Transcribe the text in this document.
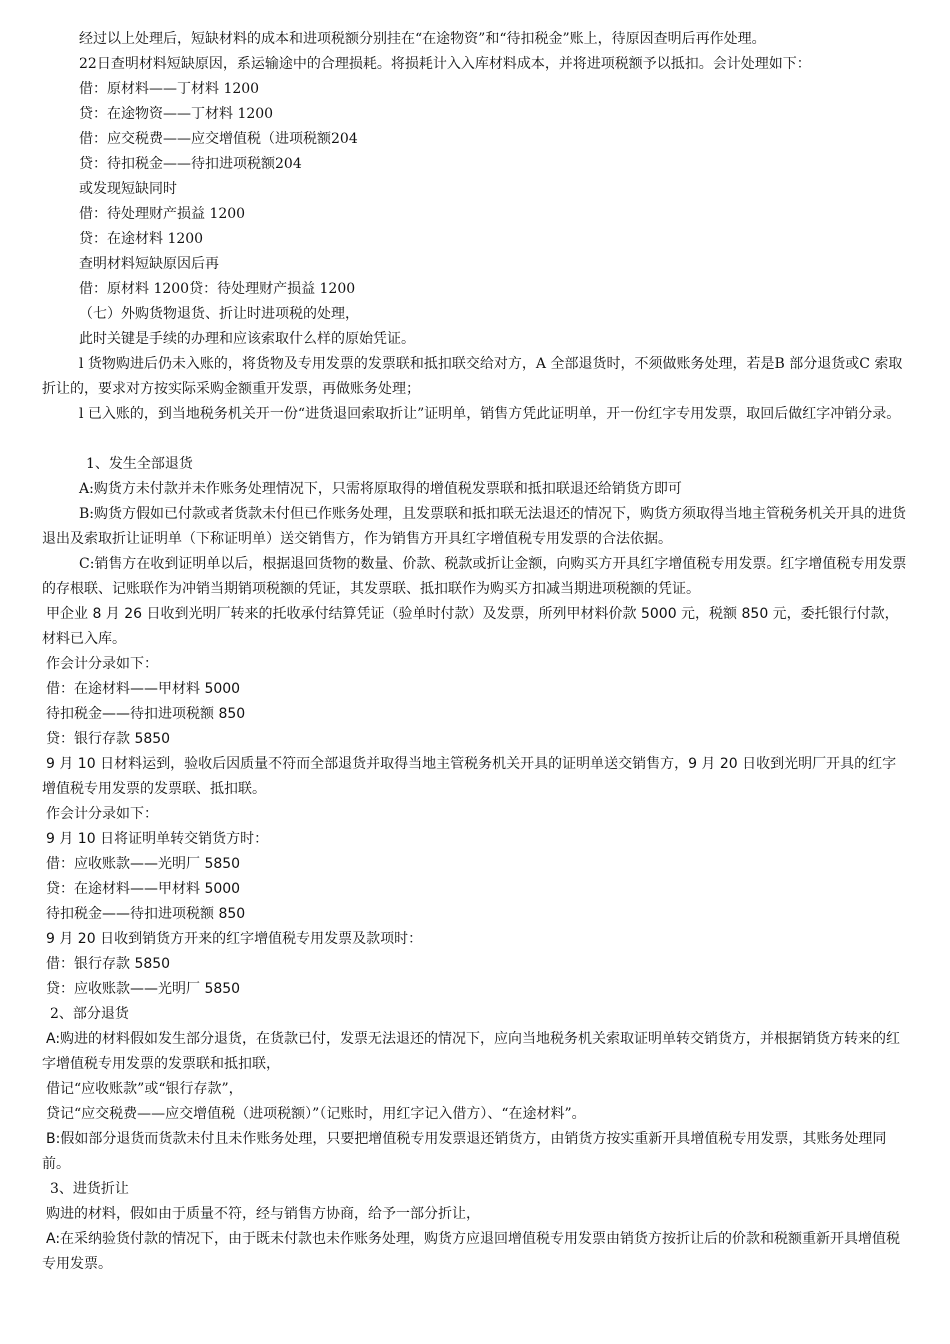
经过以上处理后，短缺材料的成本和进项税额分别挂在“在途物资”和“待扣税金”账上，待原因查明后再作处理。
22日查明材料短缺原因，系运输途中的合理损耗。将损耗计入入库材料成本，并将进项税额予以抵扣。会计处理如下：
借：原材料——丁材料 1200
贷：在途物资——丁材料 1200
借：应交税费——应交增值税（进项税额204
贷：待扣税金——待扣进项税额204
或发现短缺同时
借：待处理财产损益 1200
贷：在途材料 1200
查明材料短缺原因后再
借：原材料 1200贷：待处理财产损益 1200
（七）外购货物退货、折让时进项税的处理，
此时关键是手续的办理和应该索取什么样的原始凭证。
l 货物购进后仍未入账的，将货物及专用发票的发票联和抵扣联交给对方，A 全部退货时，不须做账务处理，若是B 部分退货或C 索取折让的，要求对方按实际采购金额重开发票，再做账务处理；
l 已入账的，到当地税务机关开一份“进货退回索取折让”证明单，销售方凭此证明单，开一份红字专用发票，取回后做红字冲销分录。
1、发生全部退货
A:购货方未付款并未作账务处理情况下，只需将原取得的增值税发票联和抵扣联退还给销货方即可
B:购货方假如已付款或者货款未付但已作账务处理，且发票联和抵扣联无法退还的情况下，购货方须取得当地主管税务机关开具的进货退出及索取折让证明单（下称证明单）送交销售方，作为销售方开具红字增值税专用发票的合法依据。
C:销售方在收到证明单以后，根据退回货物的数量、价款、税款或折让金额，向购买方开具红字增值税专用发票。红字增值税专用发票的存根联、记账联作为冲销当期销项税额的凭证，其发票联、抵扣联作为购买方扣减当期进项税额的凭证。
甲企业 8 月 26 日收到光明厂转来的托收承付结算凭证（验单时付款）及发票，所列甲材料价款 5000 元，税额 850 元，委托银行付款，材料已入库。
作会计分录如下：
借：在途材料——甲材料 5000
待扣税金——待扣进项税额 850
贷：银行存款 5850
9 月 10 日材料运到，验收后因质量不符而全部退货并取得当地主管税务机关开具的证明单送交销售方，9 月 20 日收到光明厂开具的红字增值税专用发票的发票联、抵扣联。
作会计分录如下：
9 月 10 日将证明单转交销货方时：
借：应收账款——光明厂 5850
贷：在途材料——甲材料 5000
待扣税金——待扣进项税额 850
9 月 20 日收到销货方开来的红字增值税专用发票及款项时：
借：银行存款 5850
贷：应收账款——光明厂 5850
2、部分退货
A:购进的材料假如发生部分退货，在货款已付，发票无法退还的情况下，应向当地税务机关索取证明单转交销货方，并根据销货方转来的红字增值税专用发票的发票联和抵扣联，
借记“应收账款”或“银行存款”，
贷记“应交税费——应交增值税（进项税额）”（记账时，用红字记入借方）、“在途材料”。
B:假如部分退货而货款未付且未作账务处理，只要把增值税专用发票退还销货方，由销货方按实重新开具增值税专用发票，其账务处理同前。
3、进货折让
购进的材料，假如由于质量不符，经与销售方协商，给予一部分折让，
A:在采纳验货付款的情况下，由于既未付款也未作账务处理，购货方应退回增值税专用发票由销货方按折让后的价款和税额重新开具增值税专用发票。
